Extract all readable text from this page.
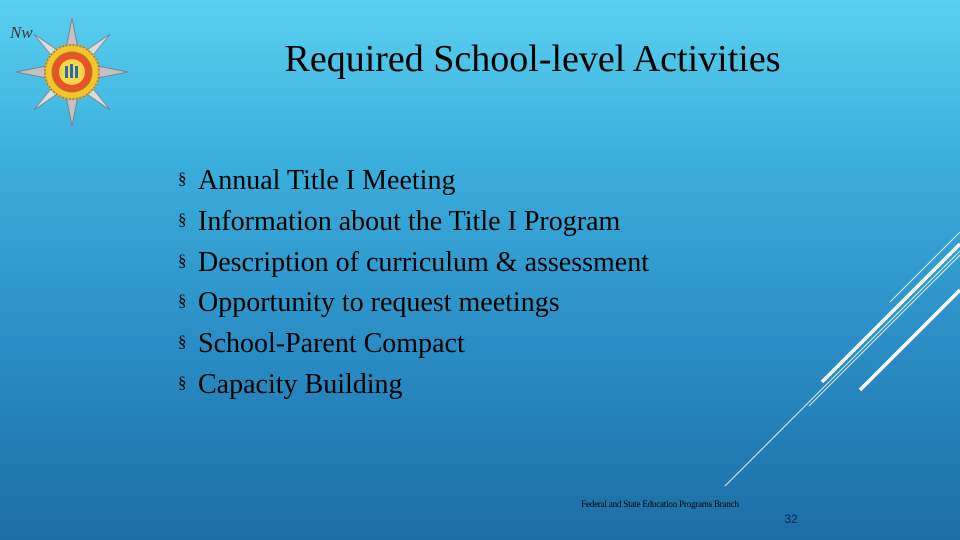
Nw
Required School-level Activities
§ Annual Title I Meeting
§ Information about the Title I Program
§ Description of curriculum & assessment
§ Opportunity to request meetings
§ School-Parent Compact
§ Capacity Building
Federal and State Education Programs Branch
32
